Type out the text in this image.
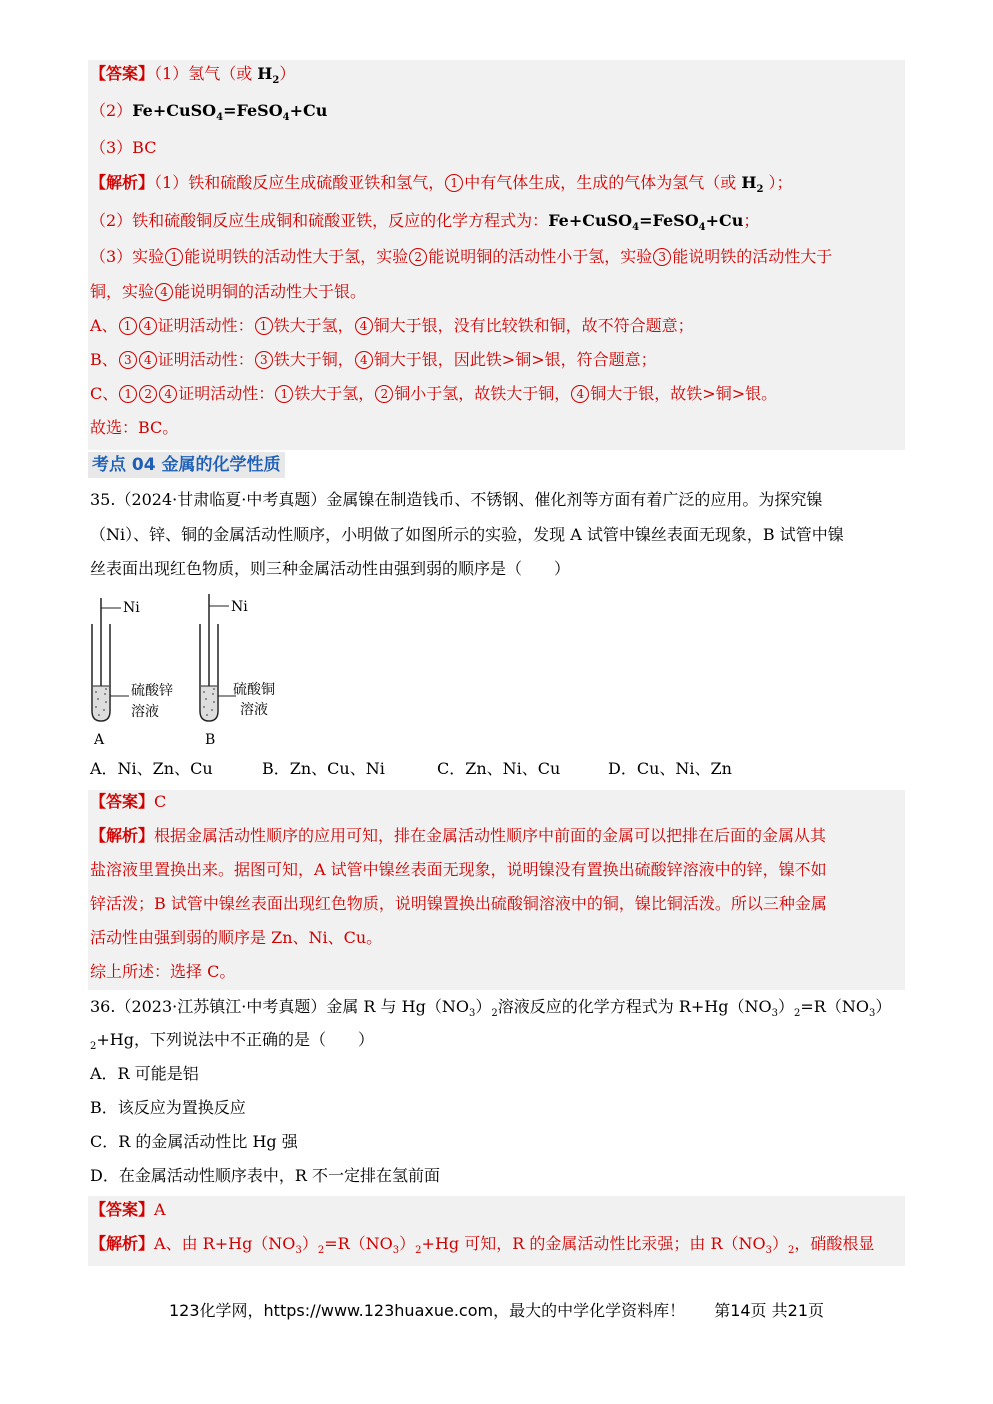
【答案】（1）氢气（或 $H_2$）
（2）Fe+CuSO$_4$=FeSO$_4$+Cu
（3）BC
【解析】（1）铁和硫酸反应生成硫酸亚铁和氢气， 1 中有气体生成，生成的气体为氢气（或 $H_2$ ）；
（2）铁和硫酸铜反应生成铜和硫酸亚铁，反应的化学方程式为：Fe+CuSO$_4$=FeSO$_4$+Cu；
（3）实验 1 能说明铁的活动性大于氢，实验 2 能说明铜的活动性小于氢，实验 3 能说明铁的活动性大于
铜，实验 4 能说明铜的活动性大于银。
A、 1 4 证明活动性： 1 铁大于氢， 4 铜大于银，没有比较铁和铜，故不符合题意；
B、 3 4 证明活动性： 3 铁大于铜， 4 铜大于银，因此铁>铜>银，符合题意；
C、 1 2 4 证明活动性： 1 铁大于氢， 2 铜小于氢，故铁大于铜， 4 铜大于银，故铁>铜>银。
故选：BC。
考点 04 金属的化学性质
35.（2024·甘肃临夏·中考真题）金属镍在制造钱币、不锈钢、催化剂等方面有着广泛的应用。为探究镍
（Ni）、锌、铜的金属活动性顺序，小明做了如图所示的实验，发现 A 试管中镍丝表面无现象，B 试管中镍
丝表面出现红色物质，则三种金属活动性由强到弱的顺序是（　　）
Ni
硫酸锌
溶液
A
Ni
硫酸铜
溶液
B
A．Ni、Zn、Cu	B．Zn、Cu、Ni	C．Zn、Ni、Cu	D．Cu、Ni、Zn
【答案】C
【解析】根据金属活动性顺序的应用可知，排在金属活动性顺序中前面的金属可以把排在后面的金属从其
盐溶液里置换出来。据图可知，A 试管中镍丝表面无现象，说明镍没有置换出硫酸锌溶液中的锌，镍不如
锌活泼；B 试管中镍丝表面出现红色物质，说明镍置换出硫酸铜溶液中的铜，镍比铜活泼。所以三种金属
活动性由强到弱的顺序是 Zn、Ni、Cu。
综上所述：选择 C。
36.（2023·江苏镇江·中考真题）金属 R 与 $Hg(NO_3)_2$溶液反应的化学方程式为 $R+Hg(NO_3)_2=R(NO_3)$
$_2$+Hg，下列说法中不正确的是（　　）
A．R 可能是铝
B．该反应为置换反应
C．R 的金属活动性比 Hg 强
D．在金属活动性顺序表中，R 不一定排在氢前面
【答案】A
【解析】A、由 $R+Hg(NO_3)_2=R(NO_3)_2+Hg$ 可知，R 的金属活动性比汞强；由 $R(NO_3)_2$，硝酸根显
123化学网，https://www.123huaxue.com，最大的中学化学资料库！ 第14页 共21页
